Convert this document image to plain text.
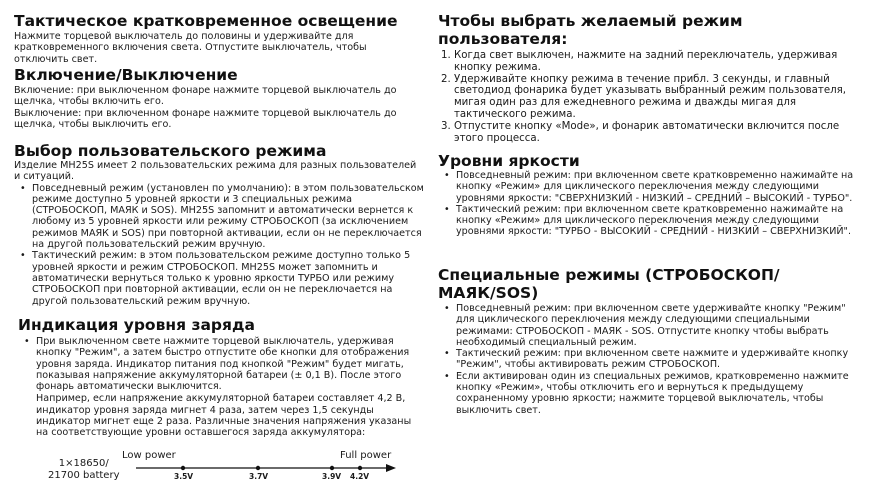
Тактическое кратковременное освещение

Нажмите торцевой выключатель до половины и удерживайте для кратковременного включения света. Отпустите выключатель, чтобы отключить свет.

Включение/Выключение

Включение: при выключенном фонаре нажмите торцевой выключатель до щелчка, чтобы включить его.

Выключение: при включенном фонаре нажмите торцевой выключатель до щелчка, чтобы выключить его.

Выбор пользовательского режима

Изделие MH25S имеет 2 пользовательских режима для разных пользователей и ситуаций.

• Повседневный режим (установлен по умолчанию): в этом пользовательском режиме доступно 5 уровней яркости и 3 специальных режима (СТРОБОСКОП, МАЯК и SOS). MH25S запомнит и автоматически вернется к любому из 5 уровней яркости или режиму СТРОБОСКОП (за исключением режимов МАЯК и SOS) при повторной активации, если он не переключается на другой пользовательский режим вручную.
• Тактический режим: в этом пользовательском режиме доступно только 5 уровней яркости и режим СТРОБОСКОП. MH25S может запомнить и автоматически вернуться только к уровню яркости ТУРБО или режиму СТРОБОСКОП при повторной активации, если он не переключается на другой пользовательский режим вручную.
Индикация уровня заряда
• При выключенном свете нажмите торцевой выключатель, удерживая кнопку "Режим", а затем быстро отпустите обе кнопки для отображения уровня заряда. Индикатор питания под кнопкой "Режим" будет мигать, показывая напряжение аккумуляторной батареи (± 0,1 В). После этого фонарь автоматически выключится.

Например, если напряжение аккумуляторной батареи составляет 4,2 В, индикатор уровня заряда мигнет 4 раза, затем через 1,5 секунды индикатор мигнет еще 2 раза. Различные значения напряжения указаны на соответствующие уровни оставшегося заряда аккумулятора:

1×18650/
21700 battery
Low power	Full power
3.5V	3.7V	3.9V 4.2V
Чтобы выбрать желаемый режим пользователя:
1. Когда свет выключен, нажмите на задний переключатель, удерживая кнопку режима.
2. Удерживайте кнопку режима в течение прибл. 3 секунды, и главный светодиод фонарика будет указывать выбранный режим пользователя, мигая один раз для ежедневного режима и дважды мигая для тактического режима.
3. Отпустите кнопку «Mode», и фонарик автоматически включится после этого процесса.
Уровни яркости
• Повседневный режим: при включенном свете кратковременно нажимайте на кнопку «Режим» для циклического переключения между следующими уровнями яркости: "СВЕРХНИЗКИЙ - НИЗКИЙ – СРЕДНИЙ – ВЫСОКИЙ - ТУРБО".
• Тактический режим: при включенном свете кратковременно нажимайте на кнопку «Режим» для циклического переключения между следующими уровнями яркости: "ТУРБО - ВЫСОКИЙ - СРЕДНИЙ - НИЗКИЙ – СВЕРХНИЗКИЙ".
Специальные режимы (СТРОБОСКОП/МАЯК/SOS)
• Повседневный режим: при включенном свете удерживайте кнопку "Режим" для циклического переключения между следующими специальными режимами: СТРОБОСКОП - МАЯК - SOS. Отпустите кнопку чтобы выбрать необходимый специальный режим.
• Тактический режим: при включенном свете нажмите и удерживайте кнопку "Режим", чтобы активировать режим СТРОБОСКОП.
• Если активирован один из специальных режимов, кратковременно нажмите кнопку «Режим», чтобы отключить его и вернуться к предыдущему сохраненному уровню яркости; нажмите торцевой выключатель, чтобы выключить свет.
